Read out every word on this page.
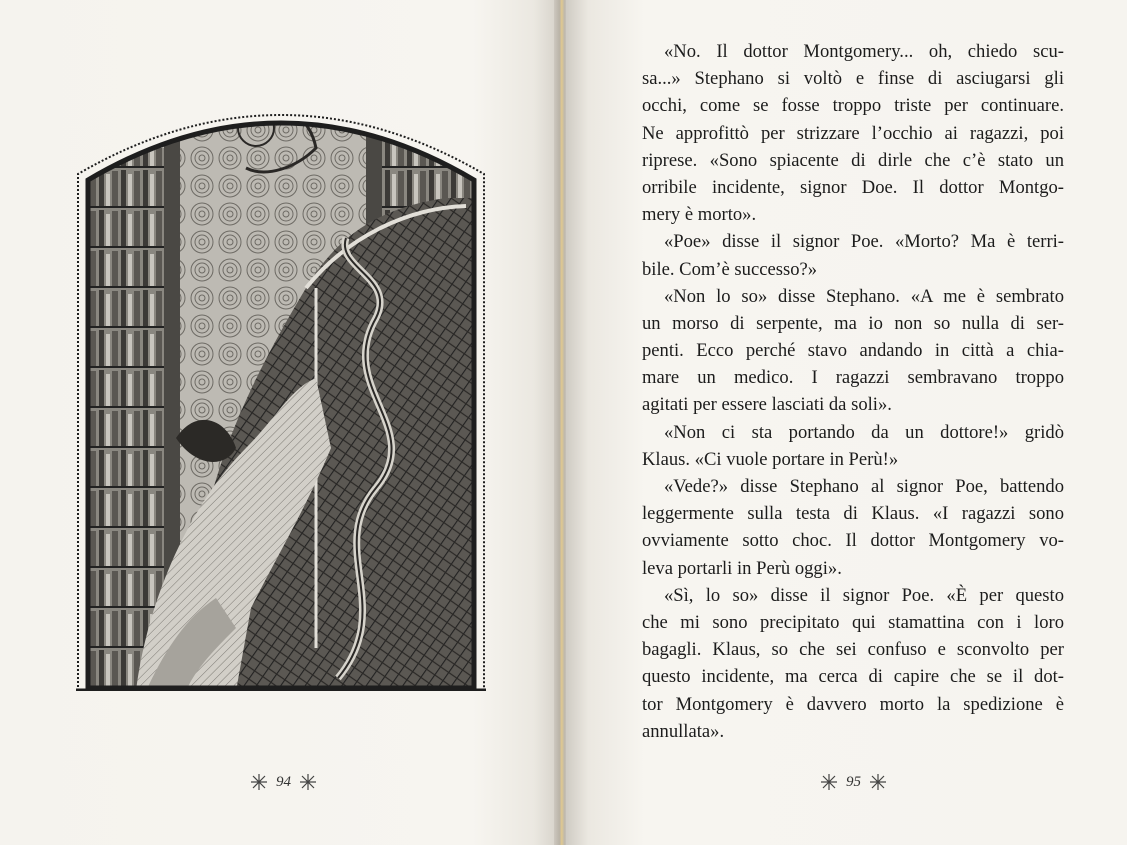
94	95
«No. Il dottor Montgomery... oh, chiedo scu-
sa...» Stephano si voltò e finse di asciugarsi gli
occhi, come se fosse troppo triste per continuare.
Ne approfittò per strizzare l’occhio ai ragazzi, poi
riprese. «Sono spiacente di dirle che c’è stato un
orribile incidente, signor Doe. Il dottor Montgo-
mery è morto».
«Poe» disse il signor Poe. «Morto? Ma è terri-
bile. Com’è successo?»
«Non lo so» disse Stephano. «A me è sembrato
un morso di serpente, ma io non so nulla di ser-
penti. Ecco perché stavo andando in città a chia-
mare un medico. I ragazzi sembravano troppo
agitati per essere lasciati da soli».
«Non ci sta portando da un dottore!» gridò
Klaus. «Ci vuole portare in Perù!»
«Vede?» disse Stephano al signor Poe, battendo
leggermente sulla testa di Klaus. «I ragazzi sono
ovviamente sotto choc. Il dottor Montgomery vo-
leva portarli in Perù oggi».
«Sì, lo so» disse il signor Poe. «È per questo
che mi sono precipitato qui stamattina con i loro
bagagli. Klaus, so che sei confuso e sconvolto per
questo incidente, ma cerca di capire che se il dot-
tor Montgomery è davvero morto la spedizione è
annullata».
